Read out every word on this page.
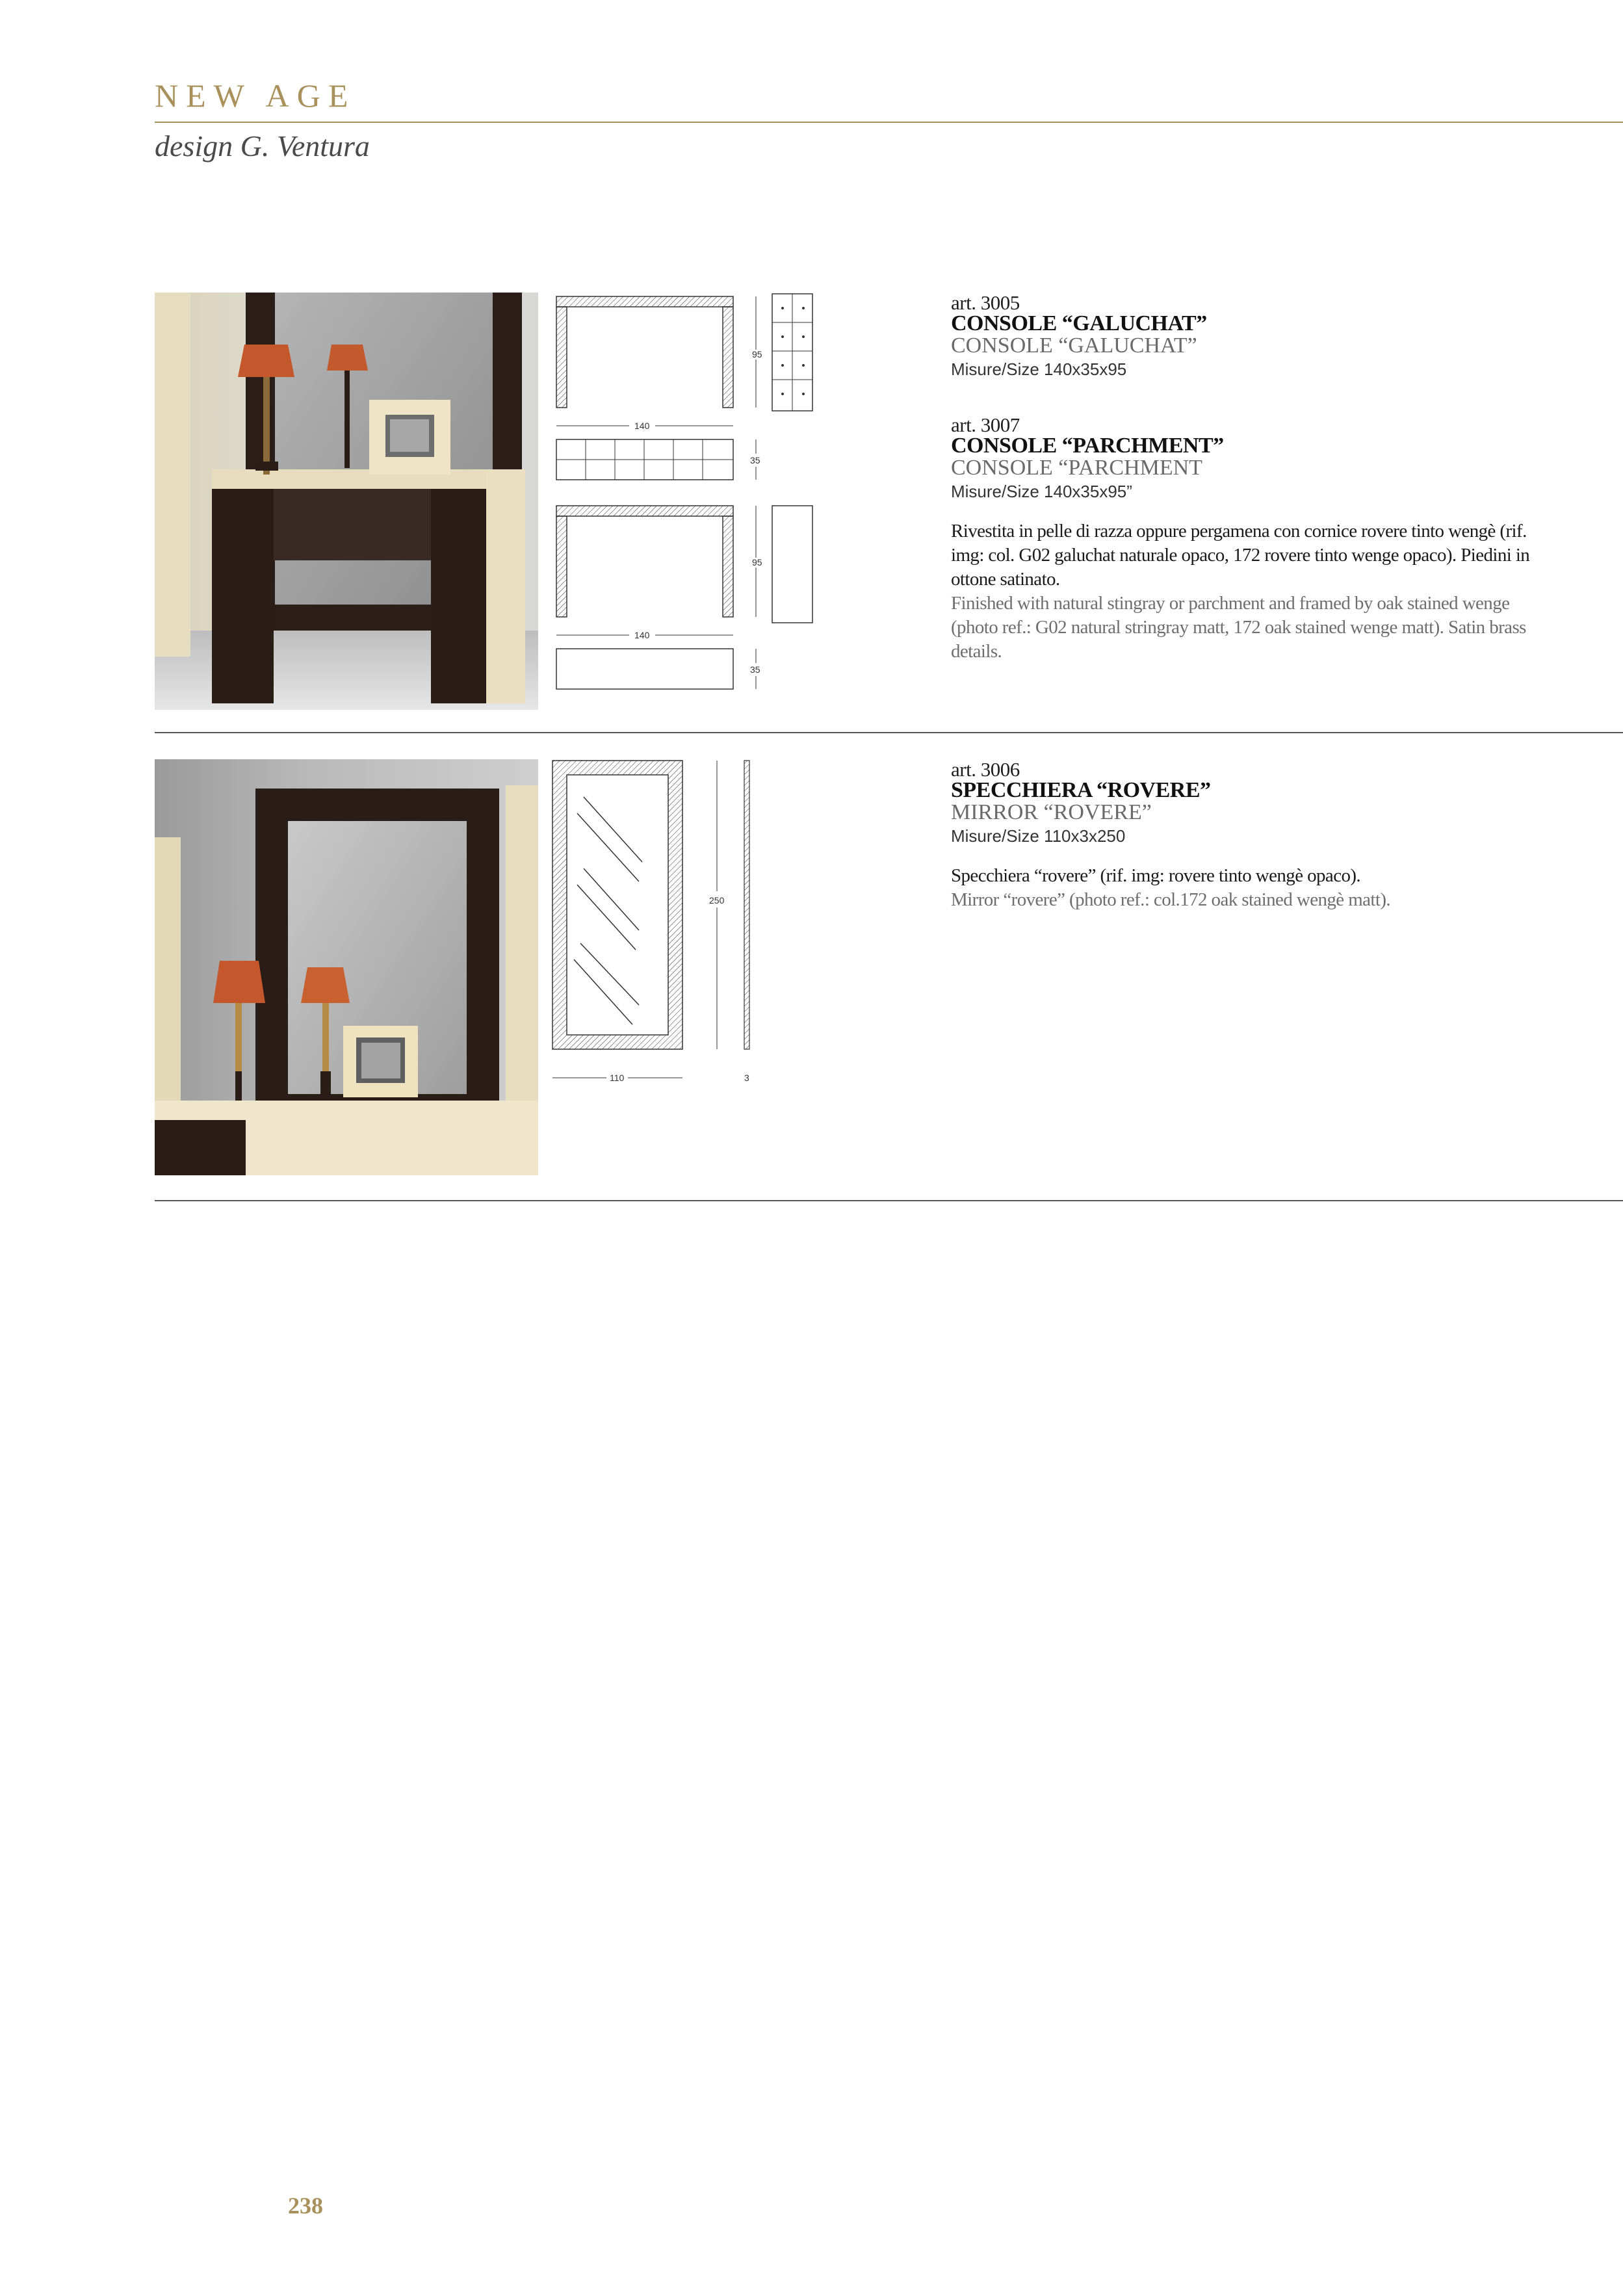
NEW AGE
design G. Ventura
95
140
35
95
140
35
art. 3005
CONSOLE “GALUCHAT”
CONSOLE “GALUCHAT”
Misure/Size 140x35x95
art. 3007
CONSOLE “PARCHMENT”
CONSOLE “PARCHMENT
Misure/Size 140x35x95”
Rivestita in pelle di razza oppure pergamena con cornice rovere tinto wengè (rif. img: col. G02 galuchat naturale opaco, 172 rovere tinto wenge opaco). Piedini in ottone satinato.
Finished with natural stingray or parchment and framed by oak stained wenge (photo ref.: G02 natural stringray matt, 172 oak stained wenge matt). Satin brass details.
250
110	3
art. 3006
SPECCHIERA “ROVERE”
MIRROR “ROVERE”
Misure/Size 110x3x250
Specchiera “rovere” (rif. img: rovere tinto wengè opaco).
Mirror “rovere” (photo ref.: col.172 oak stained wengè matt).
238
